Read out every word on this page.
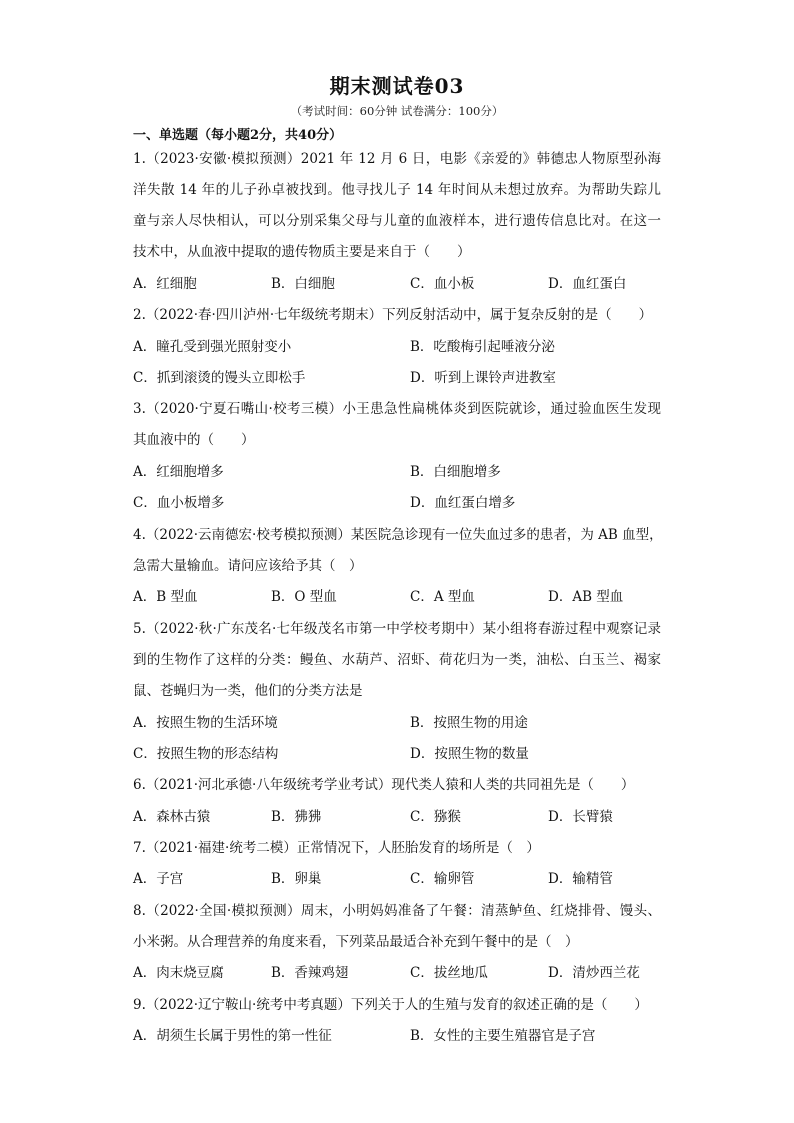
期末测试卷03
（考试时间：60分钟 试卷满分：100分）
一、单选题（每小题2分，共40分）
1.（2023·安徽·模拟预测）2021 年 12 月 6 日，电影《亲爱的》韩德忠人物原型孙海
洋失散 14 年的儿子孙卓被找到。他寻找儿子 14 年时间从未想过放弃。为帮助失踪儿
童与亲人尽快相认，可以分别采集父母与儿童的血液样本，进行遗传信息比对。在这一
技术中，从血液中提取的遗传物质主要是来自于（　　）
A．红细胞	B．白细胞	C．血小板	D．血红蛋白
2.（2022·春·四川泸州·七年级统考期末）下列反射活动中，属于复杂反射的是（　　）
A．瞳孔受到强光照射变小	B．吃酸梅引起唾液分泌
C．抓到滚烫的馒头立即松手	D．听到上课铃声进教室
3.（2020·宁夏石嘴山·校考三模）小王患急性扁桃体炎到医院就诊，通过验血医生发现
其血液中的（　　）
A．红细胞增多	B．白细胞增多
C．血小板增多	D．血红蛋白增多
4.（2022·云南德宏·校考模拟预测）某医院急诊现有一位失血过多的患者，为 AB 血型，
急需大量输血。请问应该给予其（　）
A．B 型血	B．O 型血	C．A 型血	D．AB 型血
5.（2022·秋·广东茂名·七年级茂名市第一中学校考期中）某小组将春游过程中观察记录
到的生物作了这样的分类：鳗鱼、水葫芦、沼虾、荷花归为一类，油松、白玉兰、褐家
鼠、苍蝇归为一类，他们的分类方法是
A．按照生物的生活环境	B．按照生物的用途
C．按照生物的形态结构	D．按照生物的数量
6.（2021·河北承德·八年级统考学业考试）现代类人猿和人类的共同祖先是（　　）
A．森林古猿	B．狒狒	C．猕猴	D．长臂猿
7.（2021·福建·统考二模）正常情况下，人胚胎发育的场所是（　）
A．子宫	B．卵巢	C．输卵管	D．输精管
8.（2022·全国·模拟预测）周末，小明妈妈准备了午餐：清蒸鲈鱼、红烧排骨、馒头、
小米粥。从合理营养的角度来看，下列菜品最适合补充到午餐中的是（　）
A．肉末烧豆腐	B．香辣鸡翅	C．拔丝地瓜	D．清炒西兰花
9.（2022·辽宁鞍山·统考中考真题）下列关于人的生殖与发育的叙述正确的是（　　）
A．胡须生长属于男性的第一性征	B．女性的主要生殖器官是子宫
